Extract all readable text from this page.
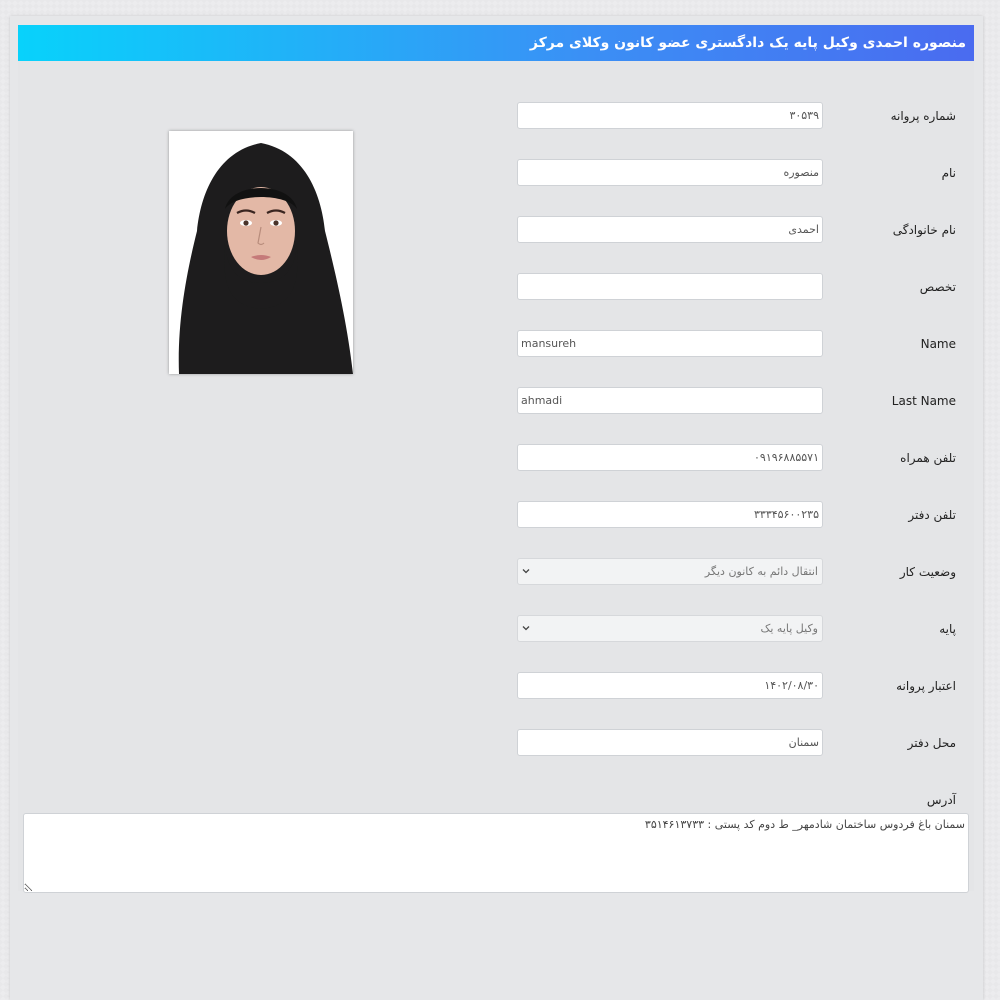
منصوره احمدی وکیل پایه یک دادگستری عضو کانون وکلای مرکز
شماره پروانه
۳۰۵۳۹
نام
منصوره
نام خانوادگی
احمدی
تخصص
Name
mansureh
Last Name
ahmadi
تلفن همراه
۰۹۱۹۶۸۸۵۵۷۱
تلفن دفتر
۳۳۳۴۵۶۰۰۲۳۵
وضعیت کار
انتقال دائم به کانون دیگر
پایه
وکیل پایه یک
اعتبار پروانه
۱۴۰۲/۰۸/۳۰
محل دفتر
سمنان
آدرس
سمنان باغ فردوس ساختمان شادمهر_ ط دوم کد پستی : ۳۵۱۴۶۱۳۷۳۳
